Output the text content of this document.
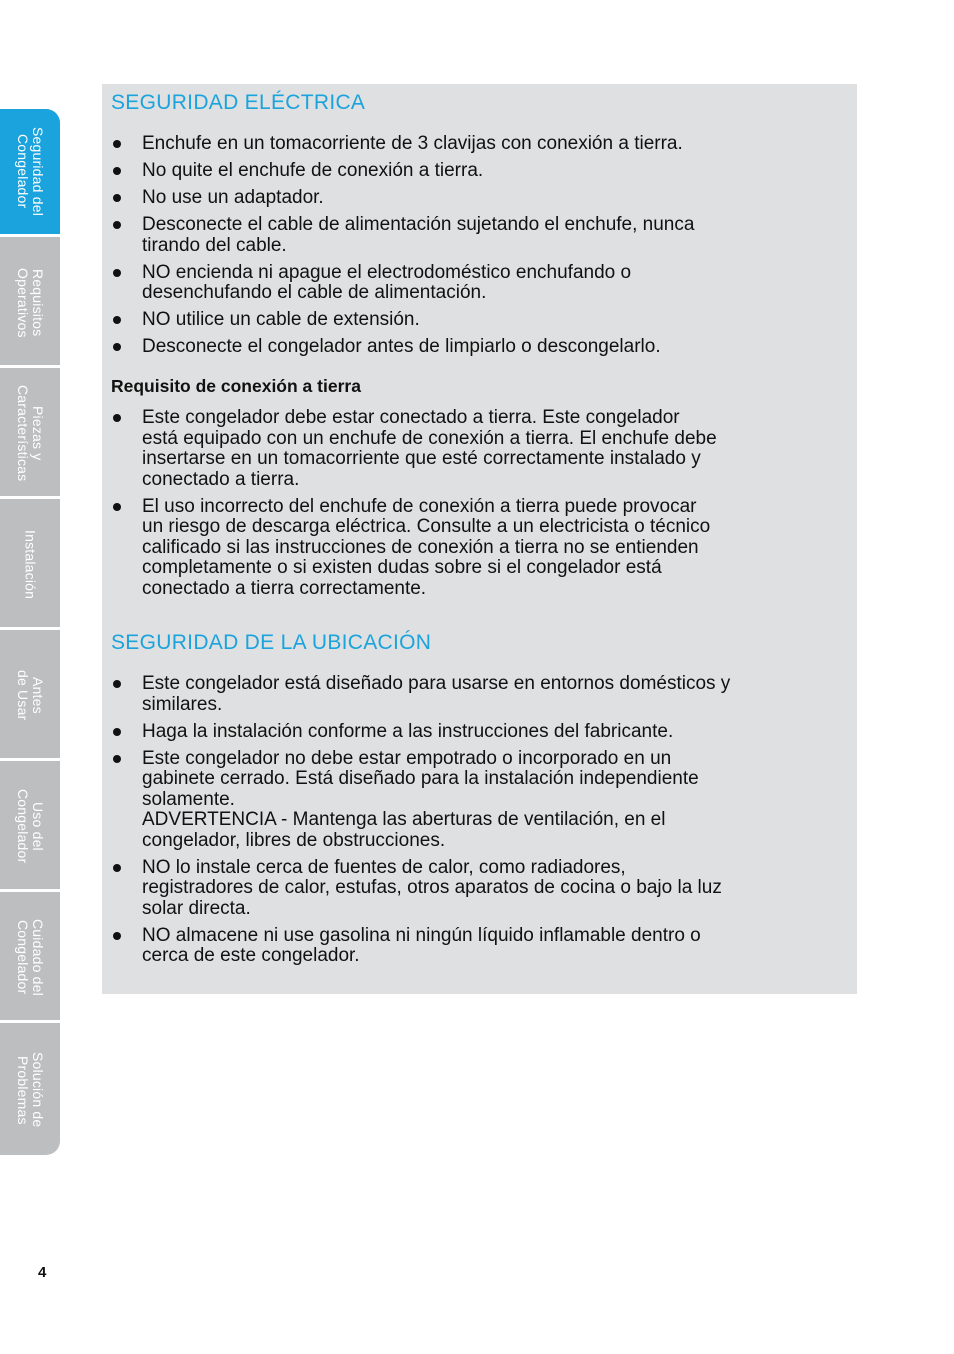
Seguridad del
Congelador
Requisitos
Operativos
Piezas y
Características
Instalación
Antes
de Usar
Uso del
Congelador
Cuidado del
Congelador
Solución de
Problemas
SEGURIDAD ELÉCTRICA
Enchufe en un tomacorriente de 3 clavijas con conexión a tierra.
No quite el enchufe de conexión a tierra.
No use un adaptador.
Desconecte el cable de alimentación sujetando el enchufe, nunca
tirando del cable.
NO encienda ni apague el electrodoméstico enchufando o
desenchufando el cable de alimentación.
NO utilice un cable de extensión.
Desconecte el congelador antes de limpiarlo o descongelarlo.
Requisito de conexión a tierra
Este congelador debe estar conectado a tierra. Este congelador
está equipado con un enchufe de conexión a tierra. El enchufe debe
insertarse en un tomacorriente que esté correctamente instalado y
conectado a tierra.
El uso incorrecto del enchufe de conexión a tierra puede provocar
un riesgo de descarga eléctrica. Consulte a un electricista o técnico
calificado si las instrucciones de conexión a tierra no se entienden
completamente o si existen dudas sobre si el congelador está
conectado a tierra correctamente.
SEGURIDAD DE LA UBICACIÓN
Este congelador está diseñado para usarse en entornos domésticos y
similares.
Haga la instalación conforme a las instrucciones del fabricante.
Este congelador no debe estar empotrado o incorporado en un
gabinete cerrado. Está diseñado para la instalación independiente
solamente.
ADVERTENCIA - Mantenga las aberturas de ventilación, en el
congelador, libres de obstrucciones.
NO lo instale cerca de fuentes de calor, como radiadores,
registradores de calor, estufas, otros aparatos de cocina o bajo la luz
solar directa.
NO almacene ni use gasolina ni ningún líquido inflamable dentro o
cerca de este congelador.
4
